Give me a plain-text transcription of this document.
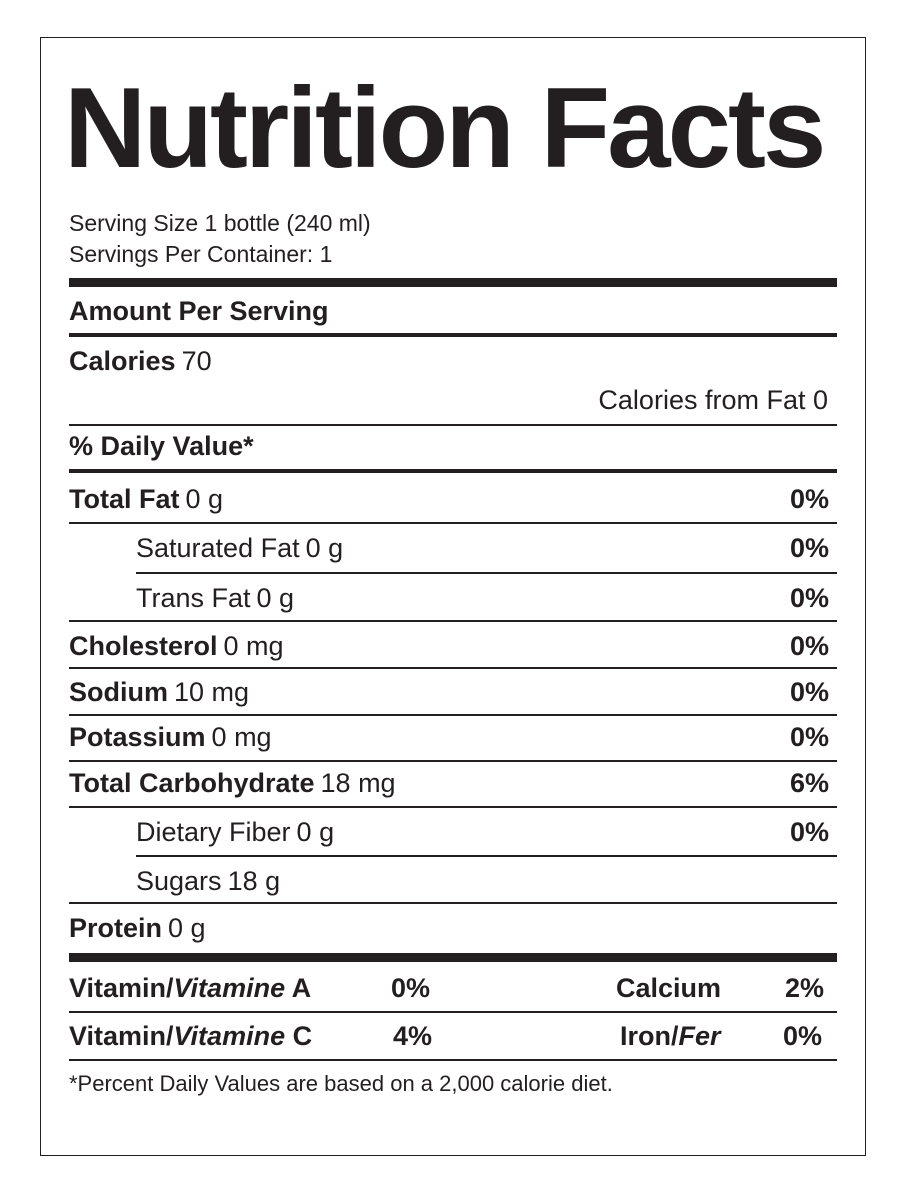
Nutrition Facts
Serving Size 1 bottle (240 ml)
Servings Per Container: 1
Amount Per Serving
Calories 70
Calories from Fat 0
% Daily Value*
Total Fat 0 g	0%
Saturated Fat 0 g	0%
Trans Fat 0 g	0%
Cholesterol 0 mg	0%
Sodium 10 mg	0%
Potassium 0 mg	0%
Total Carbohydrate 18 mg	6%
Dietary Fiber 0 g	0%
Sugars 18 g
Protein 0 g
Vitamin/Vitamine A	0%	Calcium 2%
Vitamin/Vitamine C	4%	Iron/Fer 0%
*Percent Daily Values are based on a 2,000 calorie diet.
